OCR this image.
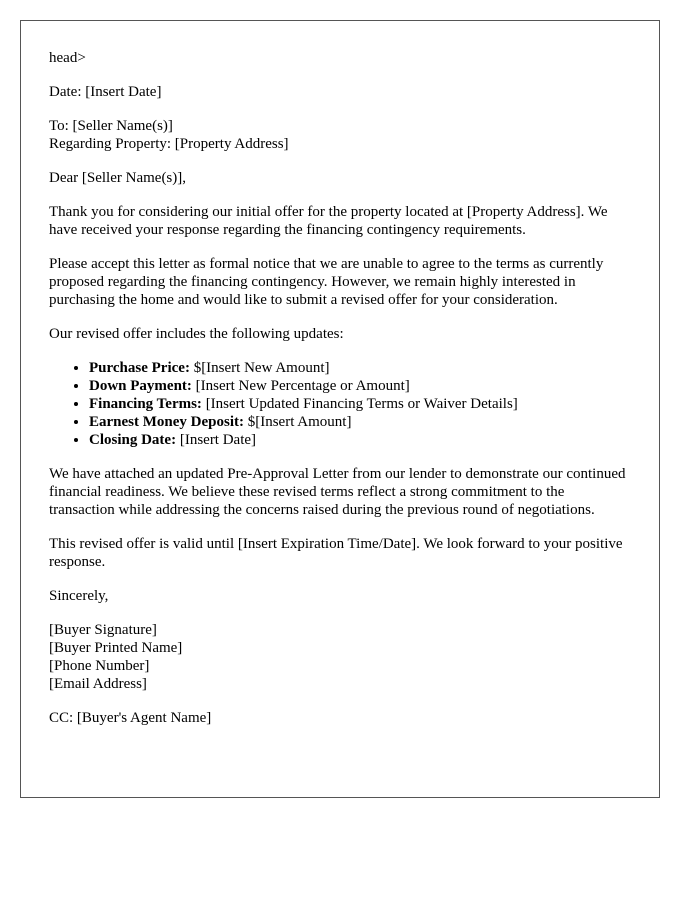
head>

Date: [Insert Date]

To: [Seller Name(s)]
Regarding Property: [Property Address]

Dear [Seller Name(s)],

Thank you for considering our initial offer for the property located at [Property Address]. We have received your response regarding the financing contingency requirements.

Please accept this letter as formal notice that we are unable to agree to the terms as currently proposed regarding the financing contingency. However, we remain highly interested in purchasing the home and would like to submit a revised offer for your consideration.

Our revised offer includes the following updates:

• Purchase Price: $[Insert New Amount]
• Down Payment: [Insert New Percentage or Amount]
• Financing Terms: [Insert Updated Financing Terms or Waiver Details]
• Earnest Money Deposit: $[Insert Amount]
• Closing Date: [Insert Date]

We have attached an updated Pre-Approval Letter from our lender to demonstrate our continued financial readiness. We believe these revised terms reflect a strong commitment to the transaction while addressing the concerns raised during the previous round of negotiations.

This revised offer is valid until [Insert Expiration Time/Date]. We look forward to your positive response.

Sincerely,

[Buyer Signature]
[Buyer Printed Name]
[Phone Number]
[Email Address]

CC: [Buyer's Agent Name]
